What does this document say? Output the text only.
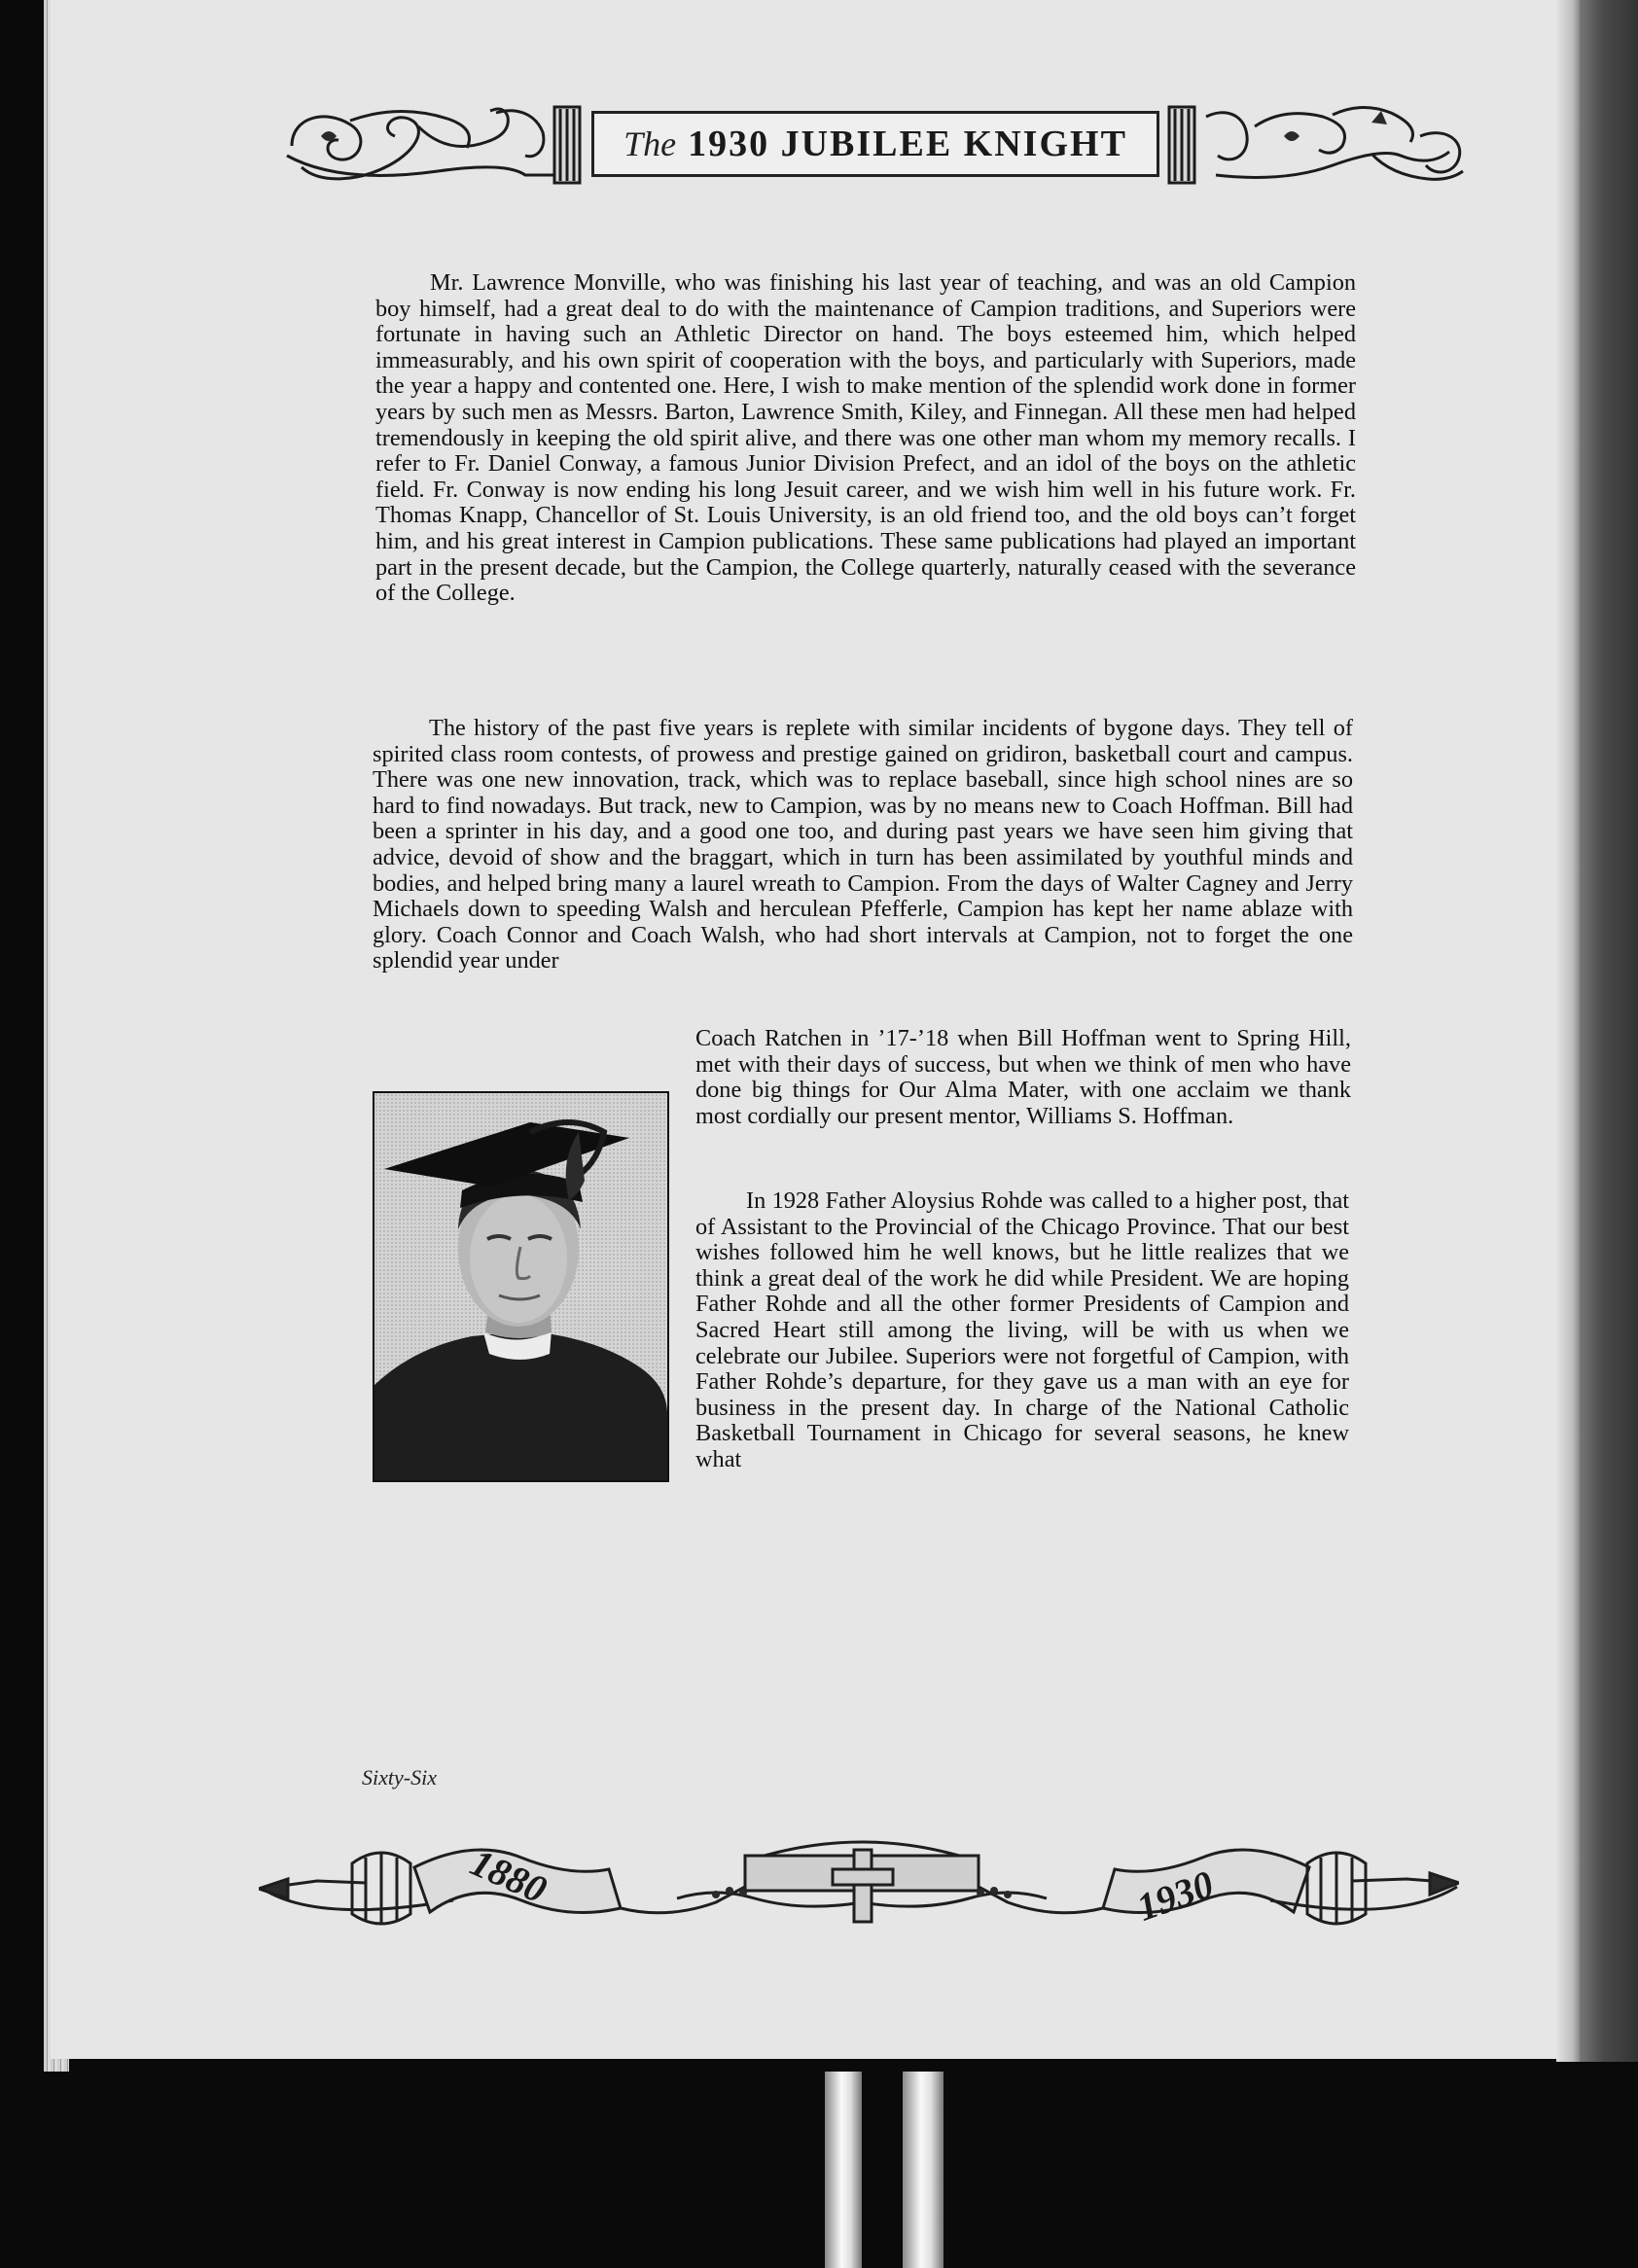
The 1930 JUBILEE KNIGHT

Mr. Lawrence Monville, who was finishing his last year of teaching, and was an old Campion boy himself, had a great deal to do with the maintenance of Campion traditions, and Superiors were fortunate in having such an Athletic Director on hand. The boys esteemed him, which helped immeasurably, and his own spirit of cooperation with the boys, and particularly with Superiors, made the year a happy and contented one. Here, I wish to make mention of the splendid work done in former years by such men as Messrs. Barton, Lawrence Smith, Kiley, and Finnegan. All these men had helped tremendously in keeping the old spirit alive, and there was one other man whom my memory recalls. I refer to Fr. Daniel Conway, a famous Junior Division Prefect, and an idol of the boys on the athletic field. Fr. Conway is now ending his long Jesuit career, and we wish him well in his future work. Fr. Thomas Knapp, Chancellor of St. Louis University, is an old friend too, and the old boys can’t forget him, and his great interest in Campion publications. These same publications had played an important part in the present decade, but the Campion, the College quarterly, naturally ceased with the severance of the College.

The history of the past five years is replete with similar incidents of bygone days. They tell of spirited class room contests, of prowess and prestige gained on gridiron, basketball court and campus. There was one new innovation, track, which was to replace baseball, since high school nines are so hard to find nowadays. But track, new to Campion, was by no means new to Coach Hoffman. Bill had been a sprinter in his day, and a good one too, and during past years we have seen him giving that advice, devoid of show and the braggart, which in turn has been assimilated by youthful minds and bodies, and helped bring many a laurel wreath to Campion. From the days of Walter Cagney and Jerry Michaels down to speeding Walsh and herculean Pfefferle, Campion has kept her name ablaze with glory. Coach Connor and Coach Walsh, who had short intervals at Campion, not to forget the one splendid year under

Coach Ratchen in ’17-’18 when Bill Hoffman went to Spring Hill, met with their days of success, but when we think of men who have done big things for Our Alma Mater, with one acclaim we thank most cordially our present mentor, Williams S. Hoffman.

In 1928 Father Aloysius Rohde was called to a higher post, that of Assistant to the Provincial of the Chicago Province. That our best wishes followed him he well knows, but he little realizes that we think a great deal of the work he did while President. We are hoping Father Rohde and all the other former Presidents of Campion and Sacred Heart still among the living, will be with us when we celebrate our Jubilee. Superiors were not forgetful of Campion, with Father Rohde’s departure, for they gave us a man with an eye for business in the present day. In charge of the National Catholic Basketball Tournament in Chicago for several seasons, he knew what

Sixty-Six
1880	1930
